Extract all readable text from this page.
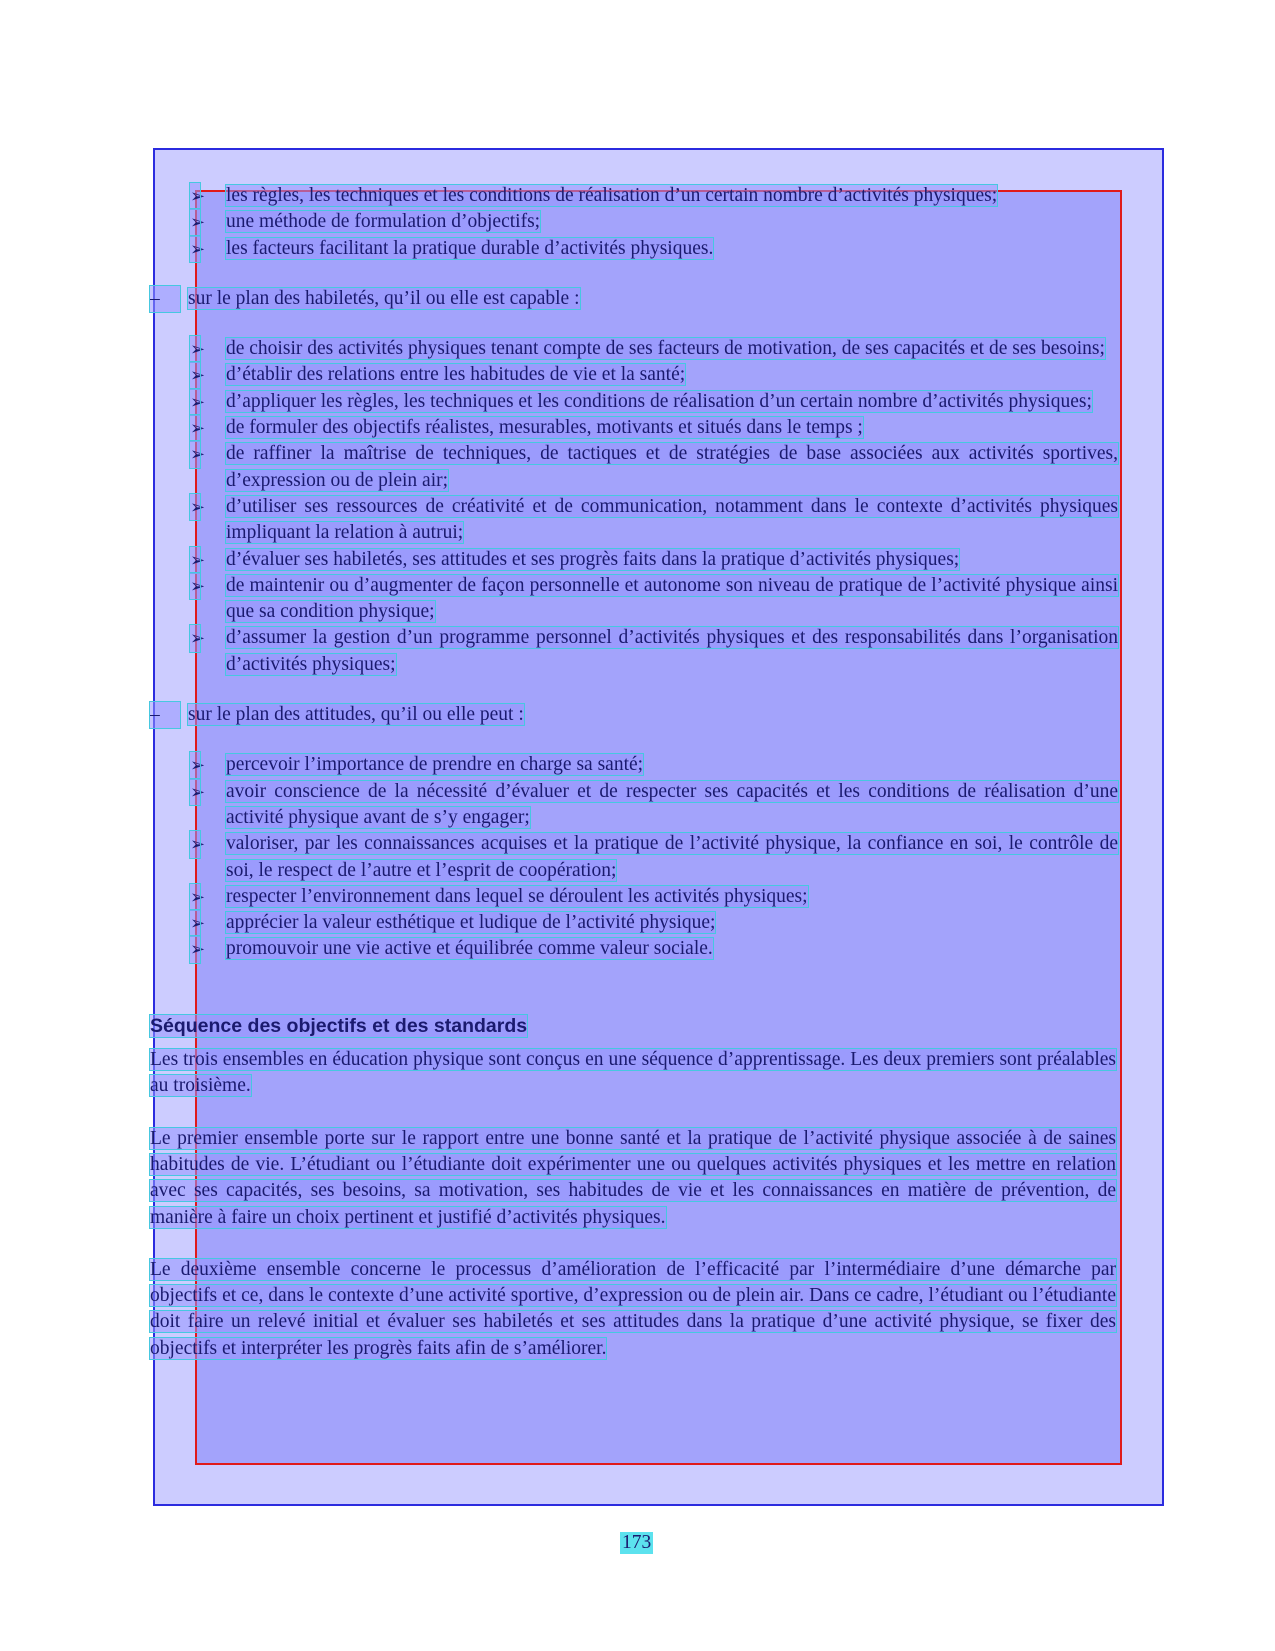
➢ les règles, les techniques et les conditions de réalisation d’un certain nombre d’activités physiques;
➢ une méthode de formulation d’objectifs;
➢ les facteurs facilitant la pratique durable d’activités physiques.
–	sur le plan des habiletés, qu’il ou elle est capable :
➢ de choisir des activités physiques tenant compte de ses facteurs de motivation, de ses capacités et de ses besoins;
➢ d’établir des relations entre les habitudes de vie et la santé;
➢ d’appliquer les règles, les techniques et les conditions de réalisation d’un certain nombre d’activités physiques;
➢ de formuler des objectifs réalistes, mesurables, motivants et situés dans le temps ;
➢ de raffiner la maîtrise de techniques, de tactiques et de stratégies de base associées aux activités sportives, d’expression ou de plein air;
➢ d’utiliser ses ressources de créativité et de communication, notamment dans le contexte d’activités physiques impliquant la relation à autrui;
➢ d’évaluer ses habiletés, ses attitudes et ses progrès faits dans la pratique d’activités physiques;
➢ de maintenir ou d’augmenter de façon personnelle et autonome son niveau de pratique de l’activité physique ainsi que sa condition physique;
➢ d’assumer la gestion d’un programme personnel d’activités physiques et des responsabilités dans l’organisation d’activités physiques;
–	sur le plan des attitudes, qu’il ou elle peut :
➢ percevoir l’importance de prendre en charge sa santé;
➢ avoir conscience de la nécessité d’évaluer et de respecter ses capacités et les conditions de réalisation d’une activité physique avant de s’y engager;
➢ valoriser, par les connaissances acquises et la pratique de l’activité physique, la confiance en soi, le contrôle de soi, le respect de l’autre et l’esprit de coopération;
➢ respecter l’environnement dans lequel se déroulent les activités physiques;
➢ apprécier la valeur esthétique et ludique de l’activité physique;
➢ promouvoir une vie active et équilibrée comme valeur sociale.
Séquence des objectifs et des standards
Les trois ensembles en éducation physique sont conçus en une séquence d’apprentissage. Les deux premiers sont préalables au troisième.
Le premier ensemble porte sur le rapport entre une bonne santé et la pratique de l’activité physique associée à de saines habitudes de vie. L’étudiant ou l’étudiante doit expérimenter une ou quelques activités physiques et les mettre en relation avec ses capacités, ses besoins, sa motivation, ses habitudes de vie et les connaissances en matière de prévention, de manière à faire un choix pertinent et justifié d’activités physiques.
Le deuxième ensemble concerne le processus d’amélioration de l’efficacité par l’intermédiaire d’une démarche par objectifs et ce, dans le contexte d’une activité sportive, d’expression ou de plein air. Dans ce cadre, l’étudiant ou l’étudiante doit faire un relevé initial et évaluer ses habiletés et ses attitudes dans la pratique d’une activité physique, se fixer des objectifs et interpréter les progrès faits afin de s’améliorer.
173
